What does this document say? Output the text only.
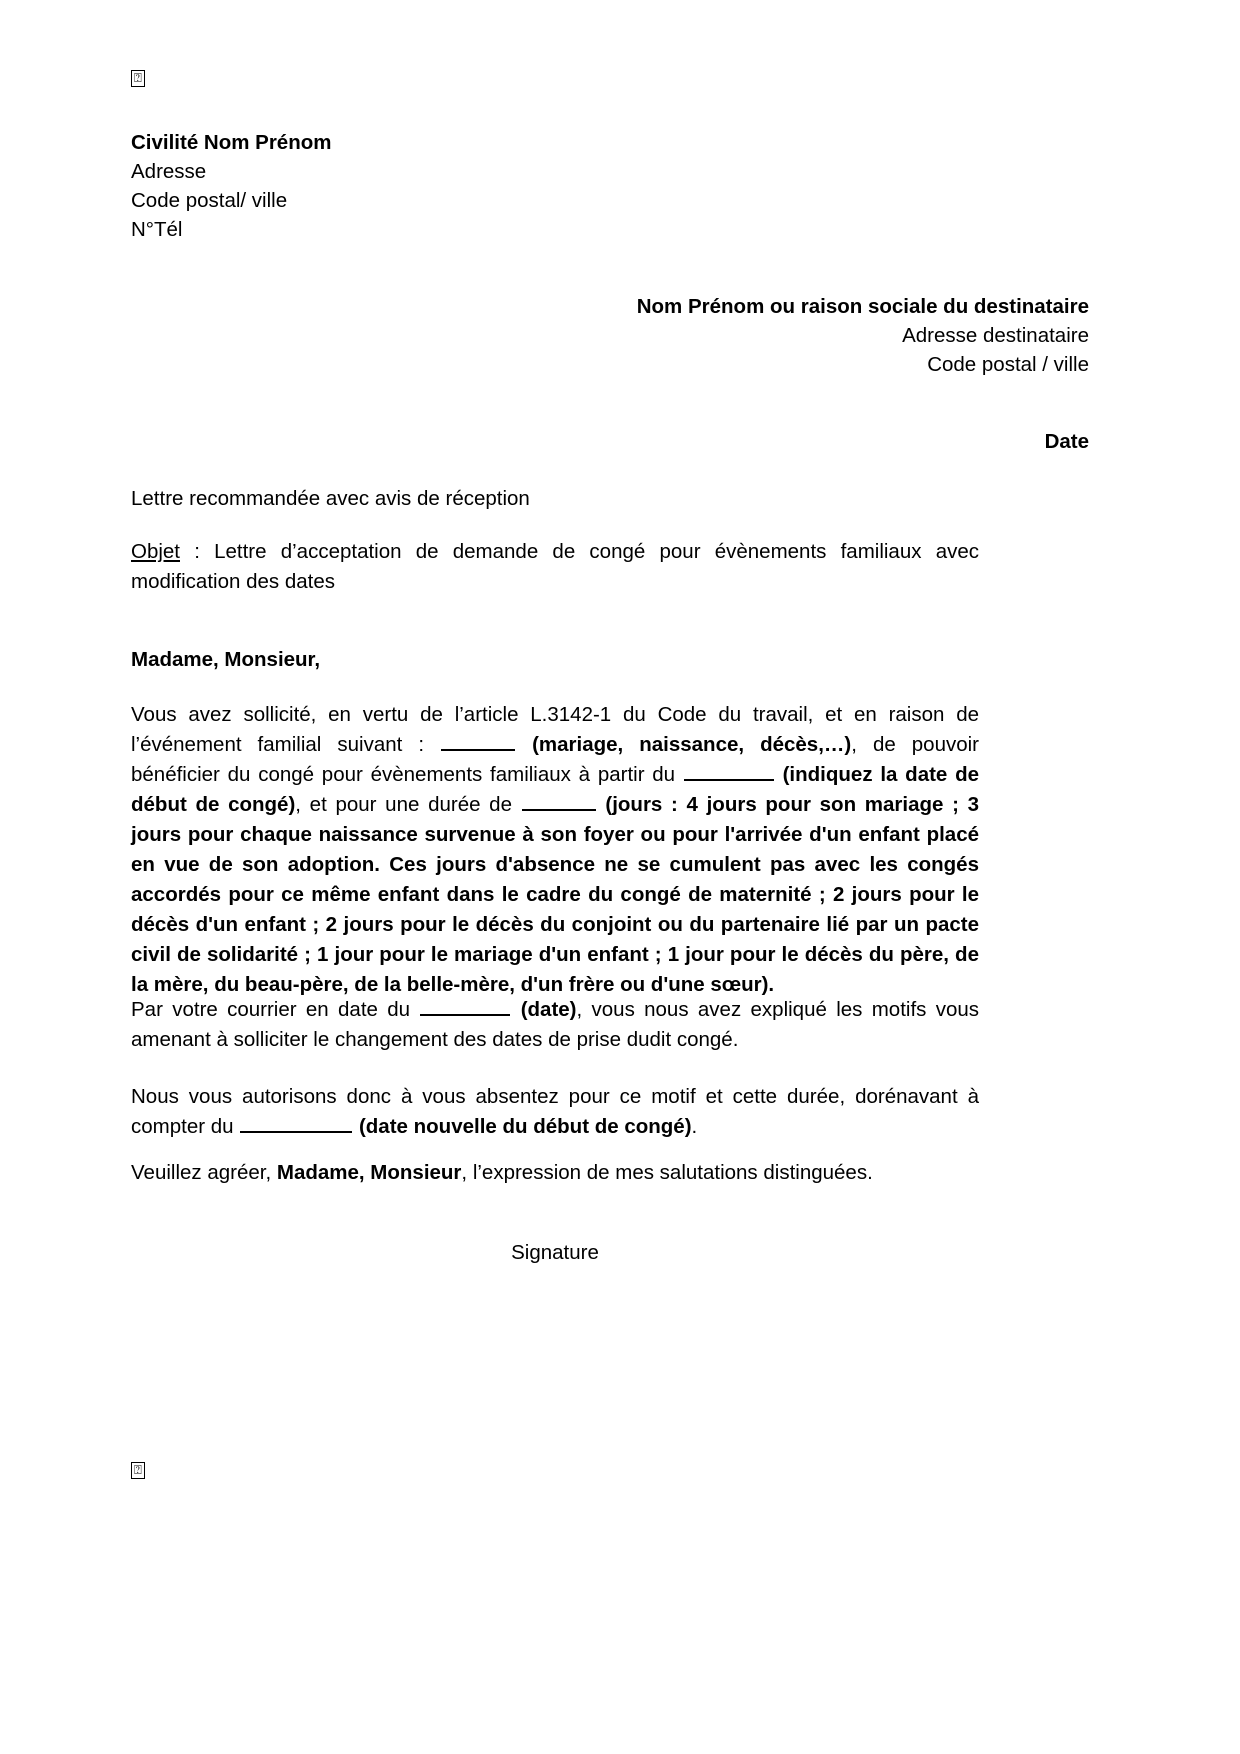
⍰
Civilité Nom Prénom
Adresse
Code postal/ ville
N°Tél
Nom Prénom ou raison sociale du destinataire
Adresse destinataire
Code postal / ville
Date
Lettre recommandée avec avis de réception
Objet : Lettre d’acceptation de demande de congé pour évènements familiaux avec modification des dates
Madame, Monsieur,
Vous avez sollicité, en vertu de l’article L.3142-1 du Code du travail, et en raison de l’événement familial suivant :	(mariage, naissance, décès,…), de pouvoir bénéficier du congé pour évènements familiaux à partir du	(indiquez la date de début de congé), et pour une durée de	(jours : 4 jours pour son mariage ; 3 jours pour chaque naissance survenue à son foyer ou pour l'arrivée d'un enfant placé en vue de son adoption. Ces jours d'absence ne se cumulent pas avec les congés accordés pour ce même enfant dans le cadre du congé de maternité ; 2 jours pour le décès d'un enfant ; 2 jours pour le décès du conjoint ou du partenaire lié par un pacte civil de solidarité ; 1 jour pour le mariage d'un enfant ; 1 jour pour le décès du père, de la mère, du beau-père, de la belle-mère, d'un frère ou d'une sœur).
Par votre courrier en date du	(date), vous nous avez expliqué les motifs vous amenant à solliciter le changement des dates de prise dudit congé.
Nous vous autorisons donc à vous absentez pour ce motif et cette durée, dorénavant à compter du	(date nouvelle du début de congé).
Veuillez agréer, Madame, Monsieur, l’expression de mes salutations distinguées.
Signature
⍰
